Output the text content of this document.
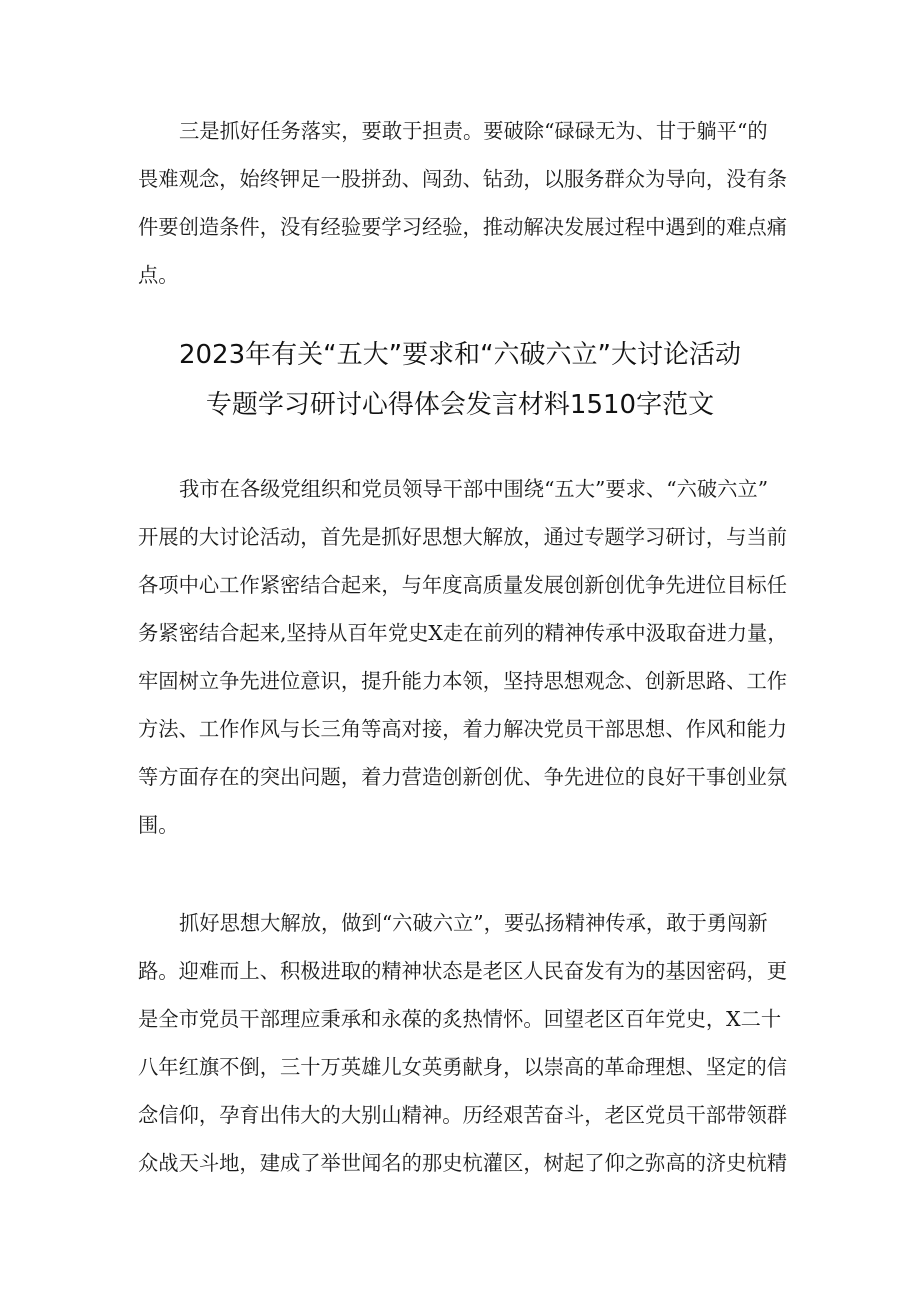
三是抓好任务落实，要敢于担责。要破除“碌碌无为、甘于躺平“的
畏难观念，始终钾足一股拼劲、闯劲、钻劲，以服务群众为导向，没有条
件要创造条件，没有经验要学习经验，推动解决发展过程中遇到的难点痛
点。

2023年有关“五大”要求和“六破六立”大讨论活动
专题学习研讨心得体会发言材料1510字范文

我市在各级党组织和党员领导干部中围绕“五大”要求、“六破六立”
开展的大讨论活动，首先是抓好思想大解放，通过专题学习研讨，与当前
各项中心工作紧密结合起来，与年度高质量发展创新创优争先进位目标任
务紧密结合起来,坚持从百年党史X走在前列的精神传承中汲取奋进力量，
牢固树立争先进位意识，提升能力本领，坚持思想观念、创新思路、工作
方法、工作作风与长三角等高对接，着力解决党员干部思想、作风和能力
等方面存在的突出问题，着力营造创新创优、争先进位的良好干事创业氛
围。

抓好思想大解放，做到“六破六立”，要弘扬精神传承，敢于勇闯新
路。迎难而上、积极进取的精神状态是老区人民奋发有为的基因密码，更
是全市党员干部理应秉承和永葆的炙热情怀。回望老区百年党史，X二十
八年红旗不倒，三十万英雄儿女英勇献身，以崇高的革命理想、坚定的信
念信仰，孕育出伟大的大别山精神。历经艰苦奋斗，老区党员干部带领群
众战天斗地，建成了举世闻名的那史杭灌区，树起了仰之弥高的济史杭精
